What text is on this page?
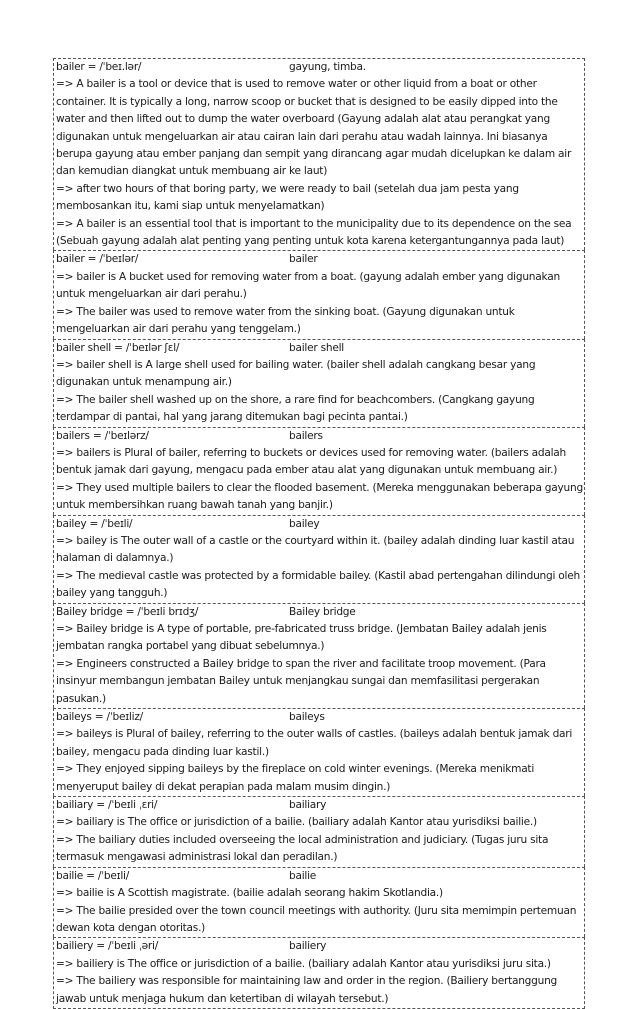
bailer = /ˈbeɪ.lər/	gayung, timba.
=> A bailer is a tool or device that is used to remove water or other liquid from a boat or other container. It is typically a long, narrow scoop or bucket that is designed to be easily dipped into the water and then lifted out to dump the water overboard (Gayung adalah alat atau perangkat yang digunakan untuk mengeluarkan air atau cairan lain dari perahu atau wadah lainnya. Ini biasanya berupa gayung atau ember panjang dan sempit yang dirancang agar mudah dicelupkan ke dalam air dan kemudian diangkat untuk membuang air ke laut)
=> after two hours of that boring party, we were ready to bail (setelah dua jam pesta yang membosankan itu, kami siap untuk menyelamatkan)
=> A bailer is an essential tool that is important to the municipality due to its dependence on the sea (Sebuah gayung adalah alat penting yang penting untuk kota karena ketergantungannya pada laut)
bailer = /ˈbeɪlər/	bailer
=> bailer is A bucket used for removing water from a boat. (gayung adalah ember yang digunakan untuk mengeluarkan air dari perahu.)
=> The bailer was used to remove water from the sinking boat. (Gayung digunakan untuk mengeluarkan air dari perahu yang tenggelam.)
bailer shell = /ˈbeɪlər ʃɛl/	bailer shell
=> bailer shell is A large shell used for bailing water. (bailer shell adalah cangkang besar yang digunakan untuk menampung air.)
=> The bailer shell washed up on the shore, a rare find for beachcombers. (Cangkang gayung terdampar di pantai, hal yang jarang ditemukan bagi pecinta pantai.)
bailers = /ˈbeɪlərz/	bailers
=> bailers is Plural of bailer, referring to buckets or devices used for removing water. (bailers adalah bentuk jamak dari gayung, mengacu pada ember atau alat yang digunakan untuk membuang air.)
=> They used multiple bailers to clear the flooded basement. (Mereka menggunakan beberapa gayung untuk membersihkan ruang bawah tanah yang banjir.)
bailey = /ˈbeɪli/	bailey
=> bailey is The outer wall of a castle or the courtyard within it. (bailey adalah dinding luar kastil atau halaman di dalamnya.)
=> The medieval castle was protected by a formidable bailey. (Kastil abad pertengahan dilindungi oleh bailey yang tangguh.)
Bailey bridge = /ˈbeɪli brɪdʒ/	Bailey bridge
=> Bailey bridge is A type of portable, pre-fabricated truss bridge. (Jembatan Bailey adalah jenis jembatan rangka portabel yang dibuat sebelumnya.)
=> Engineers constructed a Bailey bridge to span the river and facilitate troop movement. (Para insinyur membangun jembatan Bailey untuk menjangkau sungai dan memfasilitasi pergerakan pasukan.)
baileys = /ˈbeɪliz/	baileys
=> baileys is Plural of bailey, referring to the outer walls of castles. (baileys adalah bentuk jamak dari bailey, mengacu pada dinding luar kastil.)
=> They enjoyed sipping baileys by the fireplace on cold winter evenings. (Mereka menikmati menyeruput bailey di dekat perapian pada malam musim dingin.)
bailiary = /ˈbeɪli ˌɛri/	bailiary
=> bailiary is The office or jurisdiction of a bailie. (bailiary adalah Kantor atau yurisdiksi bailie.)
=> The bailiary duties included overseeing the local administration and judiciary. (Tugas juru sita termasuk mengawasi administrasi lokal dan peradilan.)
bailie = /ˈbeɪli/	bailie
=> bailie is A Scottish magistrate. (bailie adalah seorang hakim Skotlandia.)
=> The bailie presided over the town council meetings with authority. (Juru sita memimpin pertemuan dewan kota dengan otoritas.)
bailiery = /ˈbeɪli ˌəri/	bailiery
=> bailiery is The office or jurisdiction of a bailie. (bailiary adalah Kantor atau yurisdiksi juru sita.)
=> The bailiery was responsible for maintaining law and order in the region. (Bailiery bertanggung jawab untuk menjaga hukum dan ketertiban di wilayah tersebut.)
